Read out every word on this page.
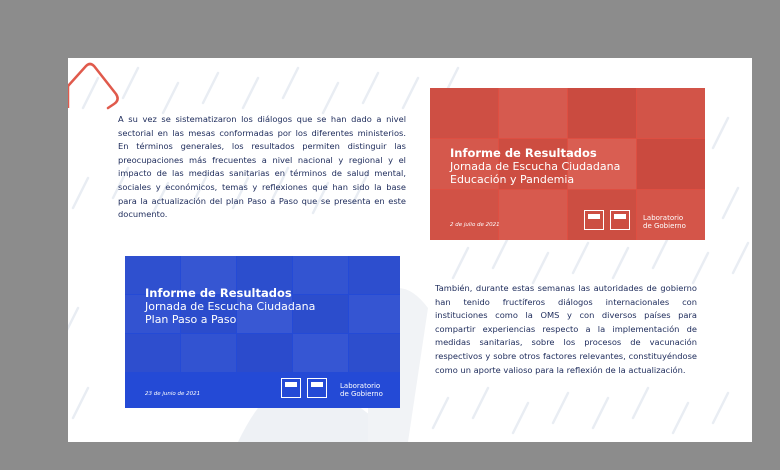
A su vez se sistematizaron los diálogos que se han dado a nivel sectorial en las mesas conformadas por los diferentes ministerios. En términos generales, los resultados permiten distinguir las preocupaciones más frecuentes a nivel nacional y regional y el impacto de las medidas sanitarias en términos de salud mental, sociales y económicos, temas y reflexiones que han sido la base para la actualización del plan Paso a Paso que se presenta en este documento.

También, durante estas semanas las autoridades de gobierno han tenido fructíferos diálogos internacionales con instituciones como la OMS y con diversos países para compartir experiencias respecto a la implementación de medidas sanitarias, sobre los procesos de vacunación respectivos y sobre otros factores relevantes, constituyéndose como un aporte valioso para la reflexión de la actualización.

Informe de Resultados

Jornada de Escucha Ciudadana

Educación y Pandemia

2 de julio de 2021
Laboratorio
de Gobierno

Informe de Resultados

Jornada de Escucha Ciudadana

Plan Paso a Paso

23 de junio de 2021
Laboratorio
de Gobierno
